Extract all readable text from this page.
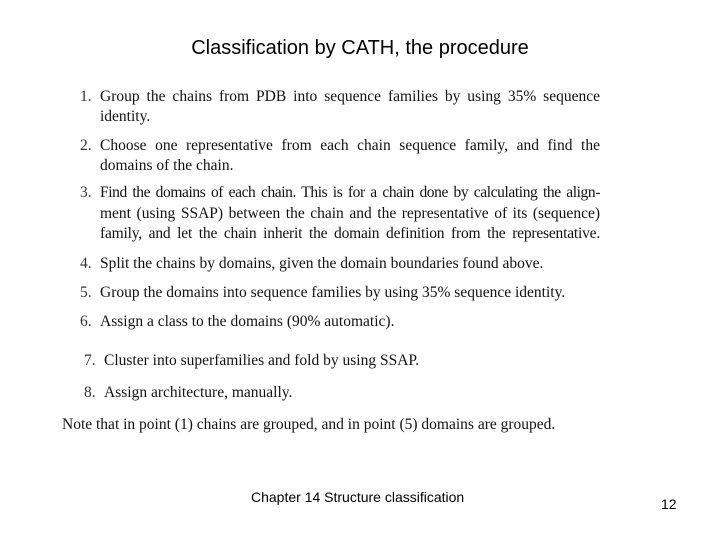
Classification by CATH, the procedure
1. Group the chains from PDB into sequence families by using 35% sequence
identity.
2. Choose one representative from each chain sequence family, and find the
domains of the chain.
3. Find the domains of each chain. This is for a chain done by calculating the align-
ment (using SSAP) between the chain and the representative of its (sequence)
family, and let the chain inherit the domain definition from the representative.
4. Split the chains by domains, given the domain boundaries found above.
5. Group the domains into sequence families by using 35% sequence identity.
6. Assign a class to the domains (90% automatic).
7. Cluster into superfamilies and fold by using SSAP.
8. Assign architecture, manually.
Note that in point (1) chains are grouped, and in point (5) domains are grouped.
Chapter 14 Structure classification	12
